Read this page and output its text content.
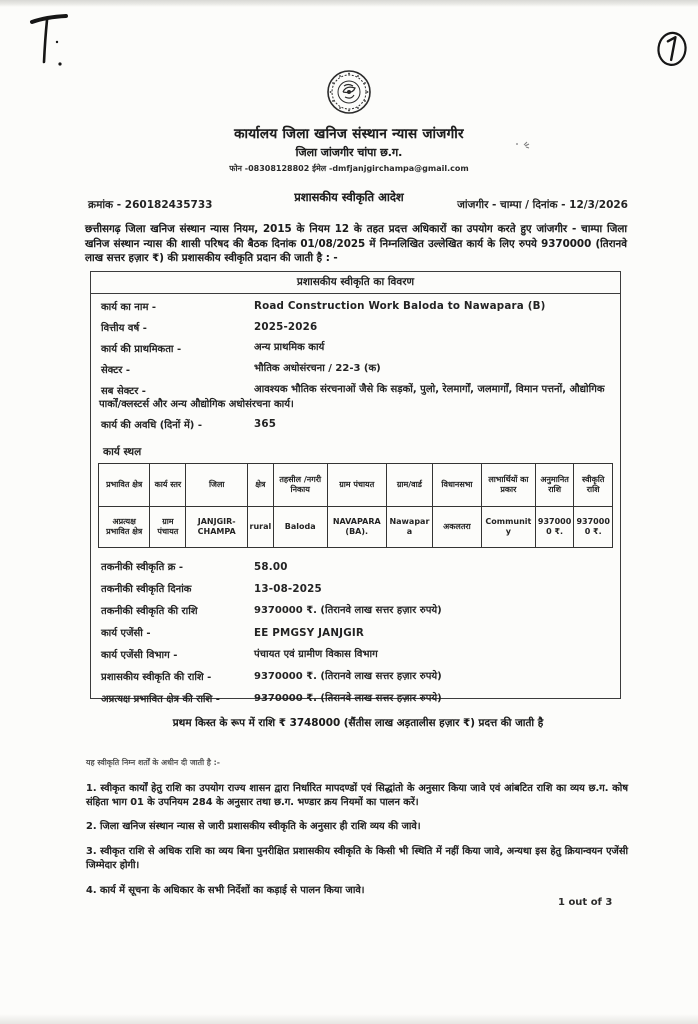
कार्यालय जिला खनिज संस्थान न्यास जांजगीर
जिला जांजगीर चांपा छ.ग.
फोन -08308128802 ईमेल -dmfjanjgirchampa@gmail.com
प्रशासकीय स्वीकृति आदेश
क्रमांक - 260182435733	जांजगीर - चाम्पा / दिनांक - 12/3/2026
छत्तीसगढ़ जिला खनिज संस्थान न्यास नियम, 2015 के नियम 12 के तहत प्रदत्त अधिकारों का उपयोग करते हुए जांजगीर - चाम्पा जिला खनिज संस्थान न्यास की शासी परिषद की बैठक दिनांक 01/08/2025 में निम्नलिखित उल्लेखित कार्य के लिए रुपये 9370000 (तिरानवे लाख सत्तर हज़ार ₹) की प्रशासकीय स्वीकृति प्रदान की जाती है : -
प्रशासकीय स्वीकृति का विवरण
कार्य का नाम -	Road Construction Work Baloda to Nawapara (B)
वित्तीय वर्ष -	2025-2026
कार्य की प्राथमिकता -	अन्य प्राथमिक कार्य
सेक्टर -	भौतिक अधोसंरचना / 22-3 (क)
सब सेक्टर -	आवश्यक भौतिक संरचनाओं जैसे कि सड़कों, पुलो, रेलमार्गों, जलमार्गों, विमान पत्तनों, औद्योगिक पार्कों/क्लस्टर्स और अन्य औद्योगिक अधोसंरचना कार्य।
कार्य की अवधि (दिनों में) -	365
कार्य स्थल
प्रभावित क्षेत्र	कार्य स्तर	जिला	क्षेत्र	तहसील /नगरी निकाय	ग्राम पंचायत	ग्राम/वार्ड	विधानसभा	लाभार्थियों का प्रकार	अनुमानित राशि	स्वीकृति राशि
अप्रत्यक्ष प्रभावित क्षेत्र	ग्राम पंचायत	JANJGIR-CHAMPA	rural	Baloda	NAVAPARA (BA).	Nawapara	अकलतरा	Community	9370000 ₹.	9370000 ₹.
तकनीकी स्वीकृति क्र -	58.00
तकनीकी स्वीकृति दिनांक	13-08-2025
तकनीकी स्वीकृति की राशि	9370000 ₹. (तिरानवे लाख सत्तर हज़ार रुपये)
कार्य एजेंसी -	EE PMGSY JANJGIR
कार्य एजेंसी विभाग -	पंचायत एवं ग्रामीण विकास विभाग
प्रशासकीय स्वीकृति की राशि -	9370000 ₹. (तिरानवे लाख सत्तर हज़ार रुपये)
अप्रत्यक्ष प्रभावित क्षेत्र की राशि -	9370000 ₹. (तिरानवे लाख सत्तर हज़ार रुपये)
प्रथम किस्त के रूप में राशि ₹ 3748000 (सैंतीस लाख अड़तालीस हज़ार ₹) प्रदत्त की जाती है
यह स्वीकृति निम्न शर्तों के अधीन दी जाती है :-

1. स्वीकृत कार्यों हेतु राशि का उपयोग राज्य शासन द्वारा निर्धारित मापदण्डों एवं सिद्धांतो के अनुसार किया जावे एवं आंबटित राशि का व्यय छ.ग. कोष संहिता भाग 01 के उपनियम 284 के अनुसार तथा छ.ग. भण्डार क्रय नियमों का पालन करें।

2. जिला खनिज संस्थान न्यास से जारी प्रशासकीय स्वीकृति के अनुसार ही राशि व्यय की जावे।

3. स्वीकृत राशि से अधिक राशि का व्यय बिना पुनरीक्षित प्रशासकीय स्वीकृति के किसी भी स्थिति में नहीं किया जावे, अन्यथा इस हेतु क्रियान्वयन एजेंसी जिम्मेदार होगी।

4. कार्य में सूचना के अधिकार के सभी निर्देशों का कड़ाई से पालन किया जावे।

1 out of 3
